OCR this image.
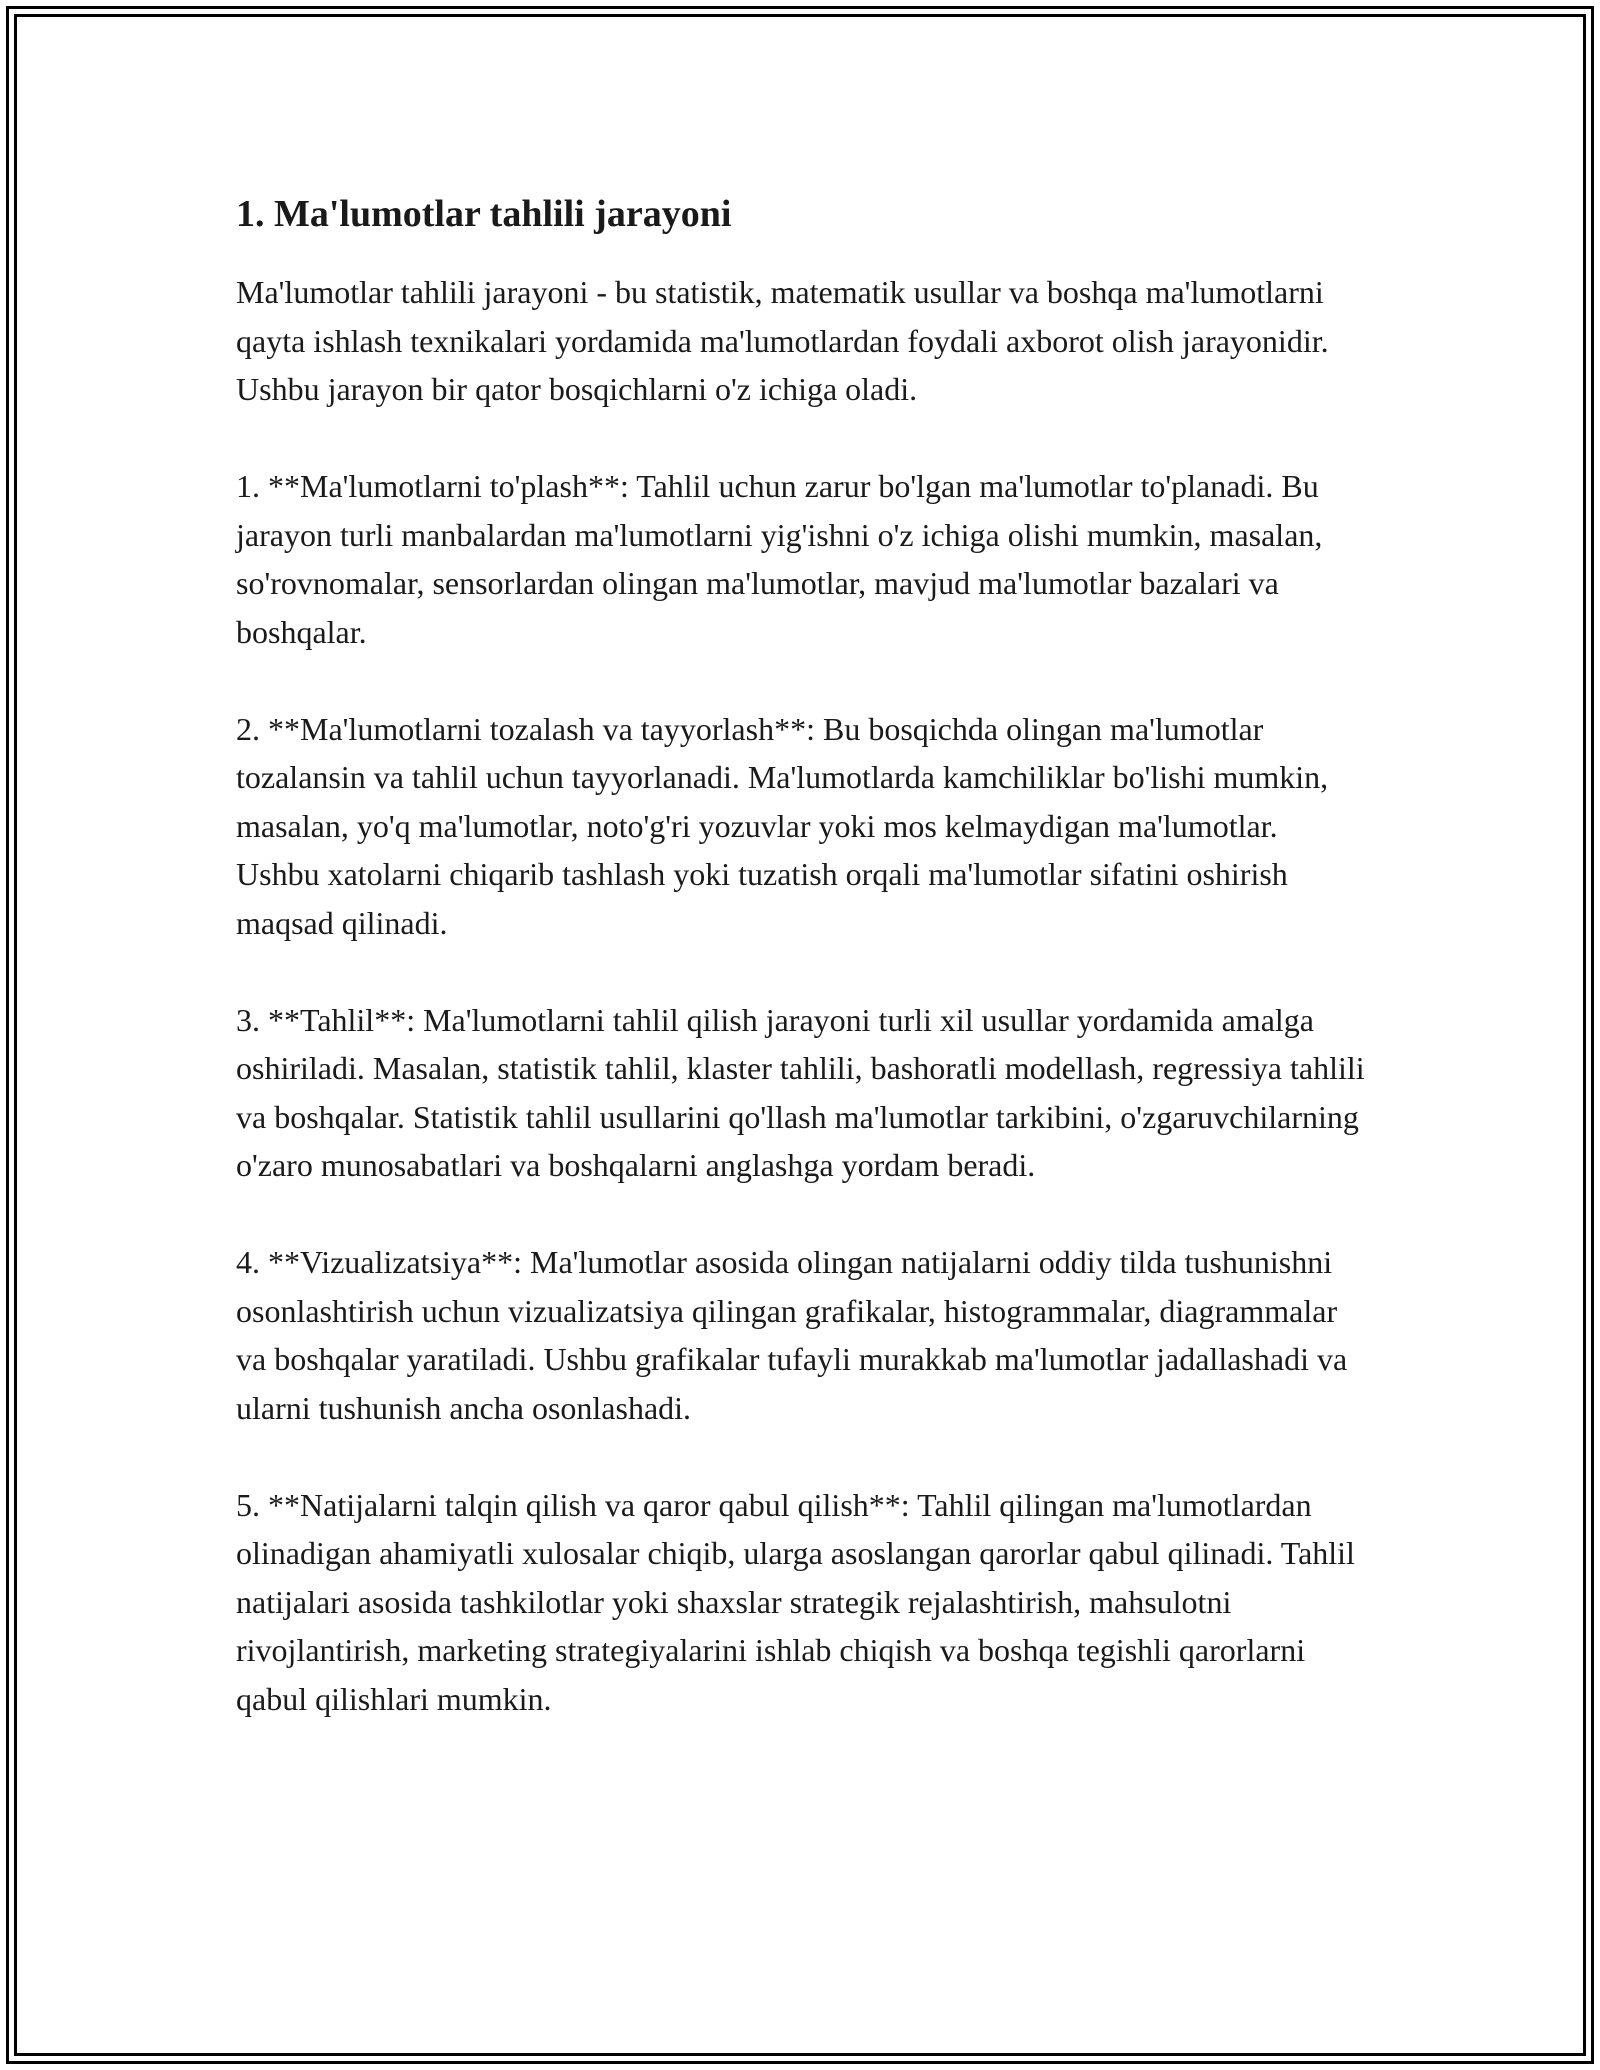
1. Ma'lumotlar tahlili jarayoni

Ma'lumotlar tahlili jarayoni - bu statistik, matematik usullar va boshqa ma'lumotlarni qayta ishlash texnikalari yordamida ma'lumotlardan foydali axborot olish jarayonidir. Ushbu jarayon bir qator bosqichlarni o'z ichiga oladi.

1. **Ma'lumotlarni to'plash**: Tahlil uchun zarur bo'lgan ma'lumotlar to'planadi. Bu jarayon turli manbalardan ma'lumotlarni yig'ishni o'z ichiga olishi mumkin, masalan, so'rovnomalar, sensorlardan olingan ma'lumotlar, mavjud ma'lumotlar bazalari va boshqalar.

2. **Ma'lumotlarni tozalash va tayyorlash**: Bu bosqichda olingan ma'lumotlar tozalansin va tahlil uchun tayyorlanadi. Ma'lumotlarda kamchiliklar bo'lishi mumkin, masalan, yo'q ma'lumotlar, noto'g'ri yozuvlar yoki mos kelmaydigan ma'lumotlar. Ushbu xatolarni chiqarib tashlash yoki tuzatish orqali ma'lumotlar sifatini oshirish maqsad qilinadi.

3. **Tahlil**: Ma'lumotlarni tahlil qilish jarayoni turli xil usullar yordamida amalga oshiriladi. Masalan, statistik tahlil, klaster tahlili, bashoratli modellash, regressiya tahlili va boshqalar. Statistik tahlil usullarini qo'llash ma'lumotlar tarkibini, o'zgaruvchilarning o'zaro munosabatlari va boshqalarni anglashga yordam beradi.

4. **Vizualizatsiya**: Ma'lumotlar asosida olingan natijalarni oddiy tilda tushunishni osonlashtirish uchun vizualizatsiya qilingan grafikalar, histogrammalar, diagrammalar va boshqalar yaratiladi. Ushbu grafikalar tufayli murakkab ma'lumotlar jadallashadi va ularni tushunish ancha osonlashadi.

5. **Natijalarni talqin qilish va qaror qabul qilish**: Tahlil qilingan ma'lumotlardan olinadigan ahamiyatli xulosalar chiqib, ularga asoslangan qarorlar qabul qilinadi. Tahlil natijalari asosida tashkilotlar yoki shaxslar strategik rejalashtirish, mahsulotni rivojlantirish, marketing strategiyalarini ishlab chiqish va boshqa tegishli qarorlarni qabul qilishlari mumkin.
